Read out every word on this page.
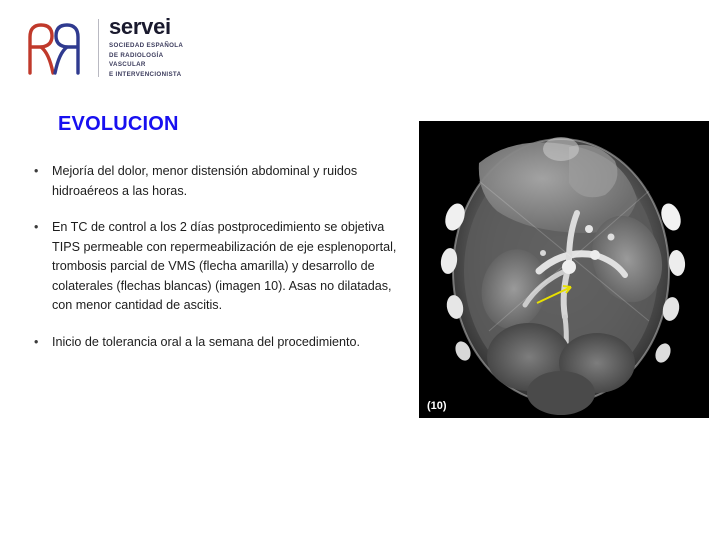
servei
SOCIEDAD ESPAÑOLA
DE RADIOLOGÍA
VASCULAR
E INTERVENCIONISTA
EVOLUCION
•	Mejoría del dolor, menor distensión abdominal y ruidos hidroaéreos a las horas.
•	En TC de control a los 2 días postprocedimiento se objetiva TIPS permeable con repermeabilización de eje esplenoportal, trombosis parcial de VMS (flecha amarilla) y desarrollo de colaterales (flechas blancas) (imagen 10). Asas no dilatadas, con menor cantidad de ascitis.
•	Inicio de tolerancia oral a la semana del procedimiento.
(10)
